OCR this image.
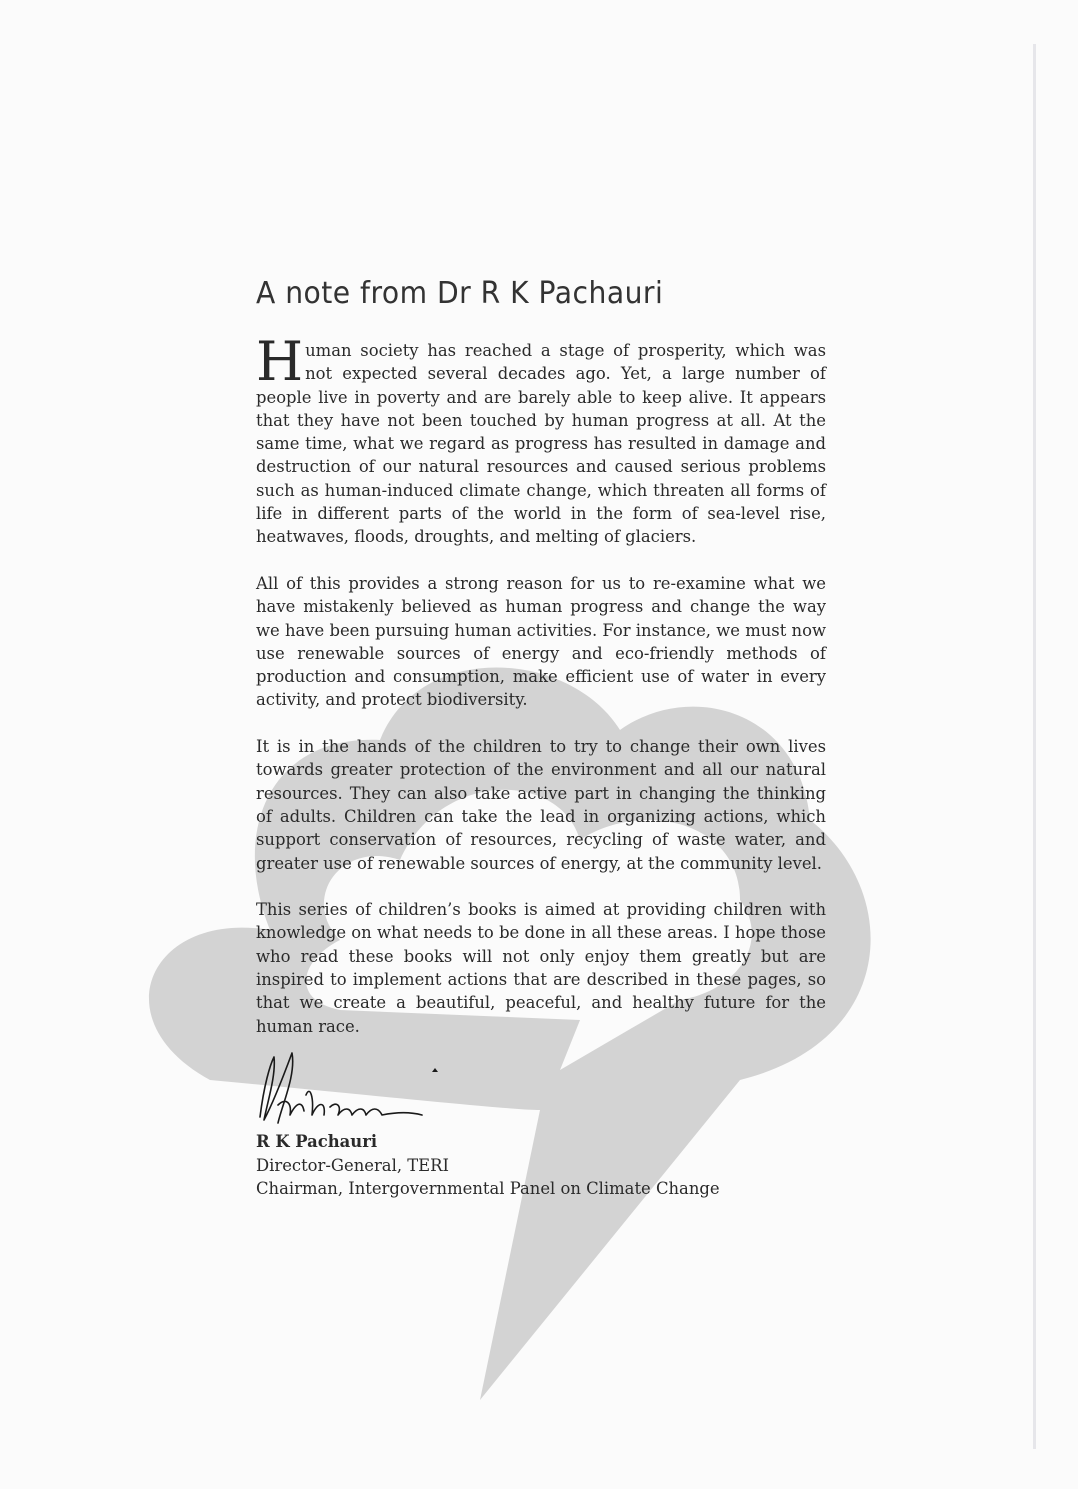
A note from Dr R K Pachauri

Human society has reached a stage of prosperity, which was not expected several decades ago. Yet, a large number of people live in poverty and are barely able to keep alive. It appears that they have not been touched by human progress at all. At the same time, what we regard as progress has resulted in damage and destruction of our natural resources and caused serious problems such as human-induced climate change, which threaten all forms of life in different parts of the world in the form of sea-level rise, heatwaves, floods, droughts, and melting of glaciers.

All of this provides a strong reason for us to re-examine what we have mistakenly believed as human progress and change the way we have been pursuing human activities. For instance, we must now use renewable sources of energy and eco-friendly methods of production and consumption, make efficient use of water in every activity, and protect biodiversity.

It is in the hands of the children to try to change their own lives towards greater protection of the environment and all our natural resources. They can also take active part in changing the thinking of adults. Children can take the lead in organizing actions, which support conservation of resources, recycling of waste water, and greater use of renewable sources of energy, at the community level.

This series of children’s books is aimed at providing children with knowledge on what needs to be done in all these areas. I hope those who read these books will not only enjoy them greatly but are inspired to implement actions that are described in these pages, so that we create a beautiful, peaceful, and healthy future for the human race.

R K Pachauri
Director-General, TERI
Chairman, Intergovernmental Panel on Climate Change
